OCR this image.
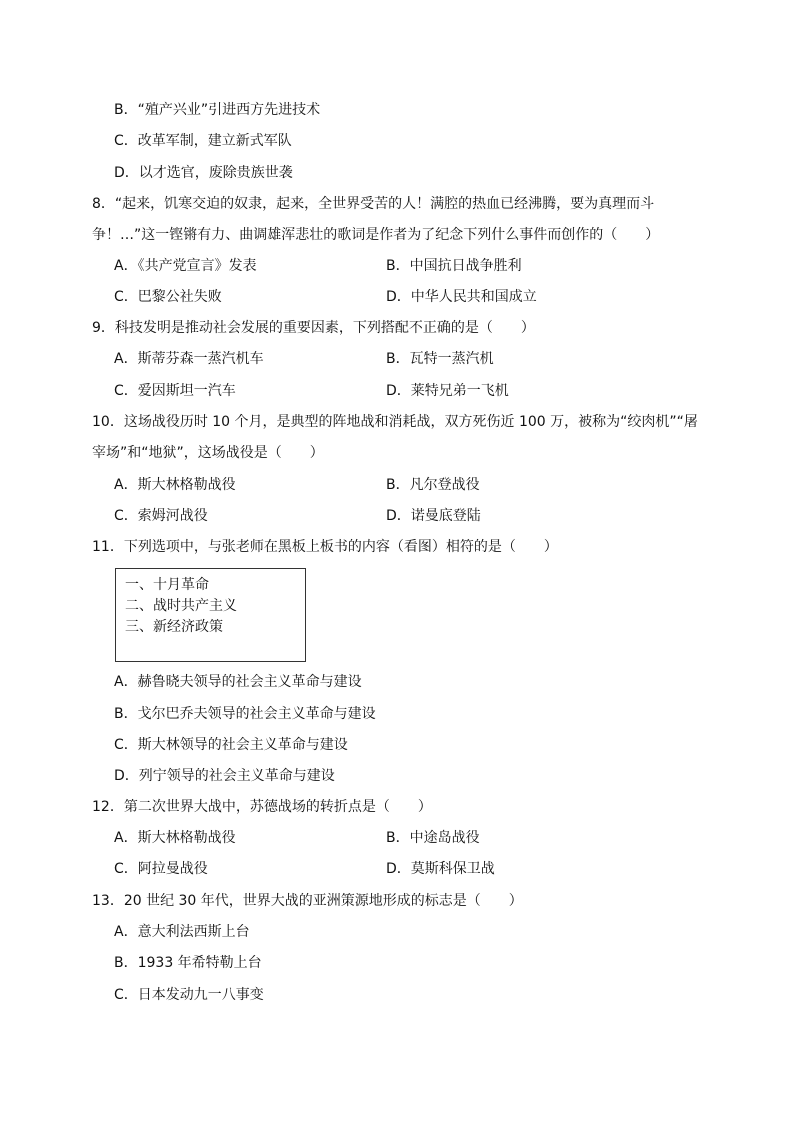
B．“殖产兴业”引进西方先进技术
C．改革军制，建立新式军队
D．以才选官，废除贵族世袭
8．“起来，饥寒交迫的奴隶，起来，全世界受苦的人！满腔的热血已经沸腾，要为真理而斗
争！…”这一铿锵有力、曲调雄浑悲壮的歌词是作者为了纪念下列什么事件而创作的（　　）
A．《共产党宣言》发表	B．中国抗日战争胜利
C．巴黎公社失败	D．中华人民共和国成立
9．科技发明是推动社会发展的重要因素，下列搭配不正确的是（　　）
A．斯蒂芬森一蒸汽机车	B．瓦特一蒸汽机
C．爱因斯坦一汽车	D．莱特兄弟一飞机
10．这场战役历时 10 个月，是典型的阵地战和消耗战，双方死伤近 100 万，被称为“绞肉机”“屠
宰场”和“地狱”，这场战役是（　　）
A．斯大林格勒战役	B．凡尔登战役
C．索姆河战役	D．诺曼底登陆
11．下列选项中，与张老师在黑板上板书的内容（看图）相符的是（　　）
一、十月革命
二、战时共产主义
三、新经济政策
A．赫鲁晓夫领导的社会主义革命与建设
B．戈尔巴乔夫领导的社会主义革命与建设
C．斯大林领导的社会主义革命与建设
D．列宁领导的社会主义革命与建设
12．第二次世界大战中，苏德战场的转折点是（　　）
A．斯大林格勒战役	B．中途岛战役
C．阿拉曼战役	D．莫斯科保卫战
13．20 世纪 30 年代，世界大战的亚洲策源地形成的标志是（　　）
A．意大利法西斯上台
B．1933 年希特勒上台
C．日本发动九一八事变
